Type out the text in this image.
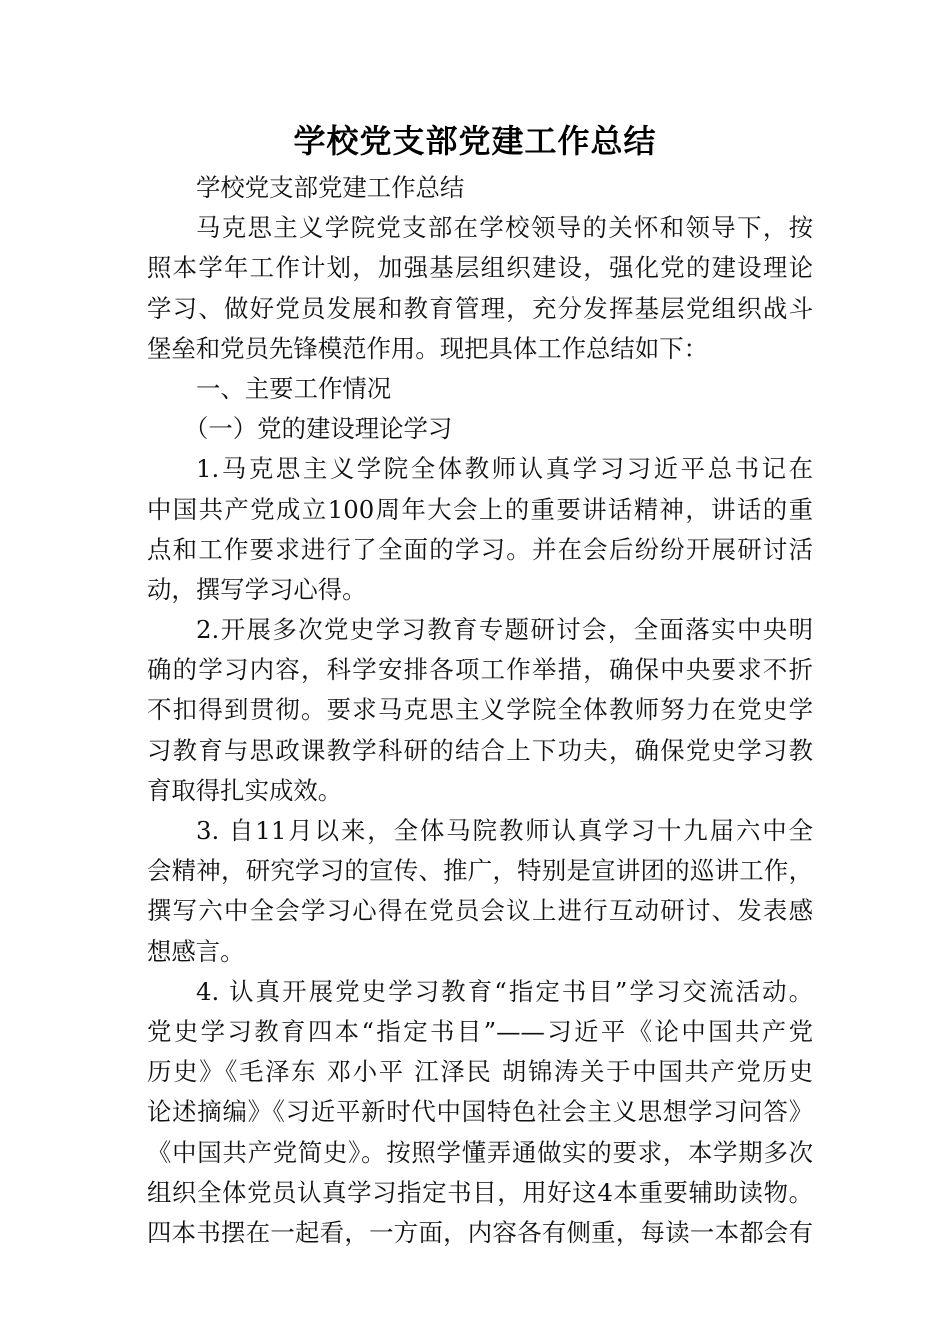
学校党支部党建工作总结
学校党支部党建工作总结
马克思主义学院党支部在学校领导的关怀和领导下，按
照本学年工作计划，加强基层组织建设，强化党的建设理论
学习、做好党员发展和教育管理，充分发挥基层党组织战斗
堡垒和党员先锋模范作用。现把具体工作总结如下：
一、主要工作情况
（一）党的建设理论学习
1.马克思主义学院全体教师认真学习习近平总书记在
中国共产党成立100周年大会上的重要讲话精神，讲话的重
点和工作要求进行了全面的学习。并在会后纷纷开展研讨活
动，撰写学习心得。
2.开展多次党史学习教育专题研讨会，全面落实中央明
确的学习内容，科学安排各项工作举措，确保中央要求不折
不扣得到贯彻。要求马克思主义学院全体教师努力在党史学
习教育与思政课教学科研的结合上下功夫，确保党史学习教
育取得扎实成效。
3. 自11月以来，全体马院教师认真学习十九届六中全
会精神，研究学习的宣传、推广，特别是宣讲团的巡讲工作，
撰写六中全会学习心得在党员会议上进行互动研讨、发表感
想感言。
4. 认真开展党史学习教育“指定书目”学习交流活动。
党史学习教育四本“指定书目”——习近平《论中国共产党
历史》《毛泽东 邓小平 江泽民 胡锦涛关于中国共产党历史
论述摘编》《习近平新时代中国特色社会主义思想学习问答》
《中国共产党简史》。按照学懂弄通做实的要求，本学期多次
组织全体党员认真学习指定书目，用好这4本重要辅助读物。
四本书摆在一起看，一方面，内容各有侧重，每读一本都会有
